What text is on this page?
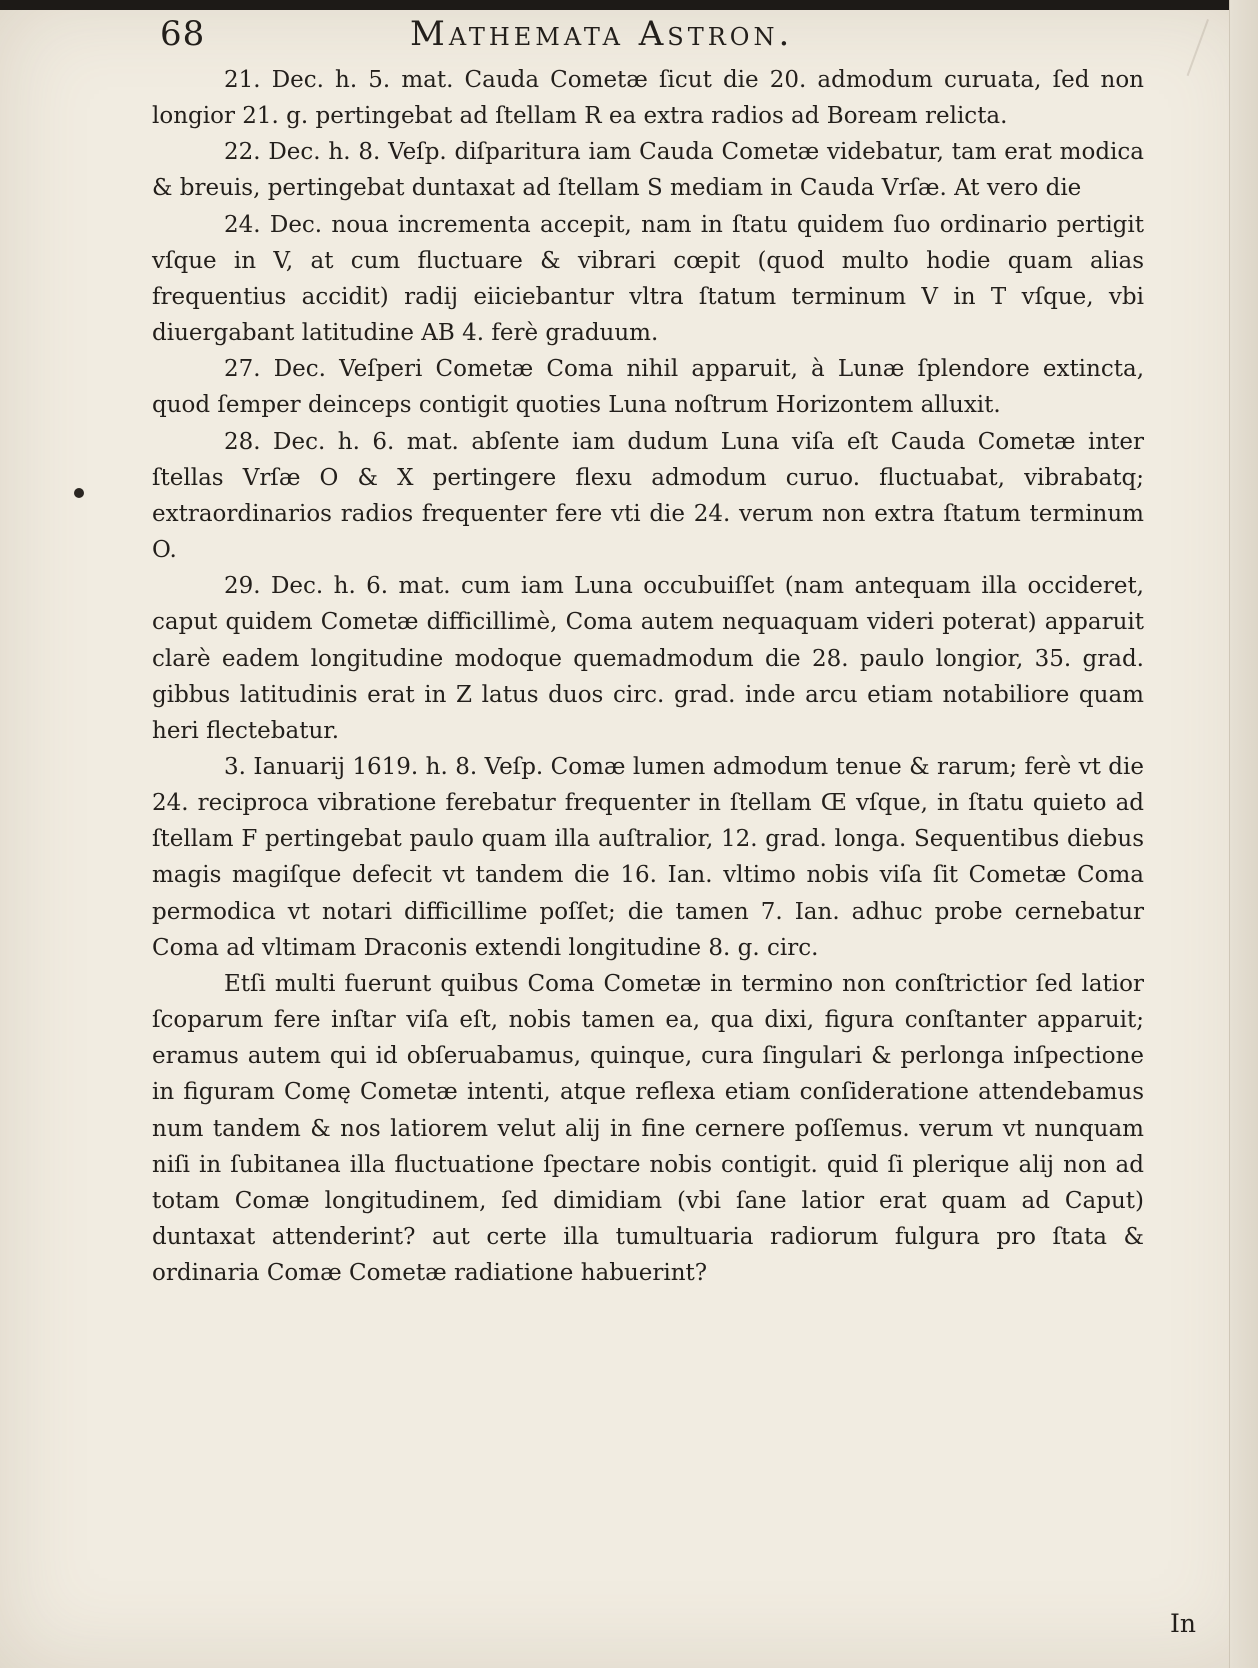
68	Mathemata Astron.

21. Dec. h. 5. mat. Cauda Cometæ ſicut die 20. admodum curuata, ſed non longior 21. g. pertingebat ad ſtellam R ea extra radios ad Boream relicta.

22. Dec. h. 8. Veſp. diſparitura iam Cauda Cometæ videbatur, tam erat modica & breuis, pertingebat duntaxat ad ſtellam S mediam in Cauda Vrſæ. At vero die

24. Dec. noua incrementa accepit, nam in ſtatu quidem ſuo ordinario pertigit vſque in V, at cum fluctuare & vibrari cœpit (quod multo hodie quam alias frequentius accidit) radij eiiciebantur vltra ſtatum terminum V in T vſque, vbi diuergabant latitudine AB 4. ferè graduum.

27. Dec. Veſperi Cometæ Coma nihil apparuit, à Lunæ ſplendore extincta, quod ſemper deinceps contigit quoties Luna noſtrum Horizontem alluxit.

28. Dec. h. 6. mat. abſente iam dudum Luna viſa eſt Cauda Cometæ inter ſtellas Vrſæ O & X pertingere flexu admodum curuo. fluctuabat, vibrabatq; extraordinarios radios frequenter fere vti die 24. verum non extra ſtatum terminum O.

29. Dec. h. 6. mat. cum iam Luna occubuiſſet (nam antequam illa occideret, caput quidem Cometæ difficillimè, Coma autem nequaquam videri poterat) apparuit clarè eadem longitudine modoque quemadmodum die 28. paulo longior, 35. grad. gibbus latitudinis erat in Z latus duos circ. grad. inde arcu etiam notabiliore quam heri flectebatur.

3. Ianuarij 1619. h. 8. Veſp. Comæ lumen admodum tenue & rarum; ferè vt die 24. reciproca vibratione ferebatur frequenter in ſtellam Œ vſque, in ſtatu quieto ad ſtellam F pertingebat paulo quam illa auſtralior, 12. grad. longa. Sequentibus diebus magis magiſque defecit vt tandem die 16. Ian. vltimo nobis viſa ſit Cometæ Coma permodica vt notari difficillime poſſet; die tamen 7. Ian. adhuc probe cernebatur Coma ad vltimam Draconis extendi longitudine 8. g. circ.

Etſi multi fuerunt quibus Coma Cometæ in termino non conſtrictior ſed latior ſcoparum fere inſtar viſa eſt, nobis tamen ea, qua dixi, figura conſtanter apparuit; eramus autem qui id obſeruabamus, quinque, cura ſingulari & perlonga inſpectione in figuram Comę Cometæ intenti, atque reflexa etiam conſideratione attendebamus num tandem & nos latiorem velut alij in fine cernere poſſemus. verum vt nunquam niſi in ſubitanea illa fluctuatione ſpectare nobis contigit. quid ſi plerique alij non ad totam Comæ longitudinem, ſed dimidiam (vbi ſane latior erat quam ad Caput) duntaxat attenderint? aut certe illa tumultuaria radiorum fulgura pro ſtata & ordinaria Comæ Cometæ radiatione habuerint?

In
